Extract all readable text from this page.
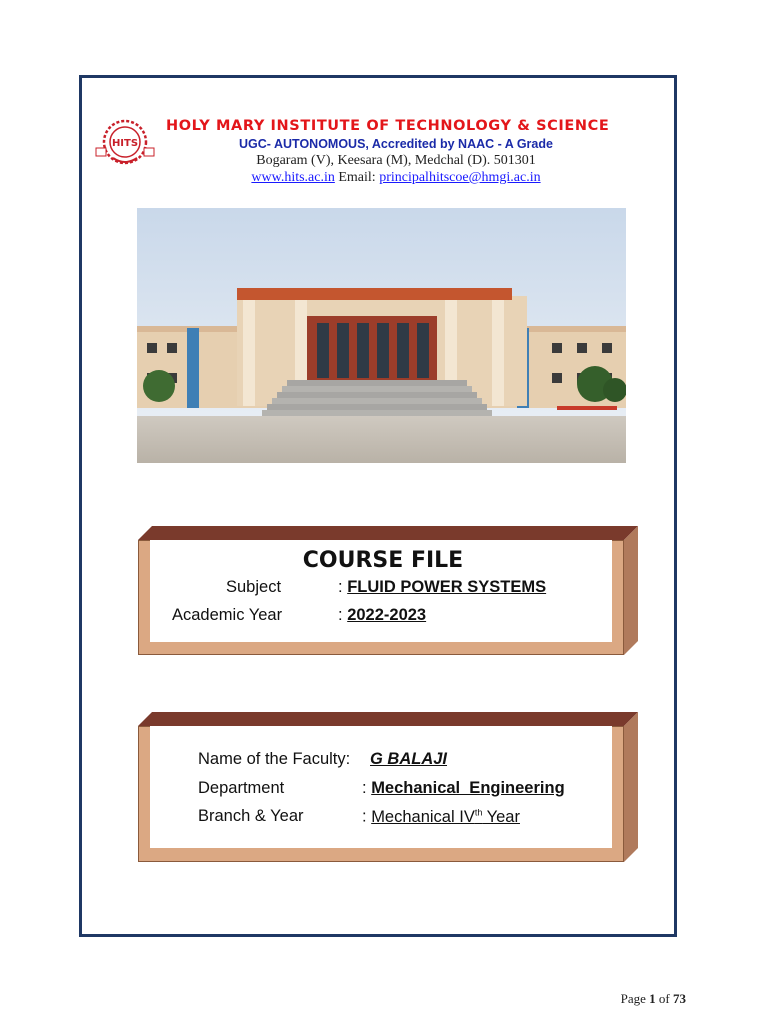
HITS
HOLY MARY INSTITUTE OF TECHNOLOGY & SCIENCE
UGC- AUTONOMOUS, Accredited by NAAC - A Grade
Bogaram (V), Keesara (M), Medchal (D). 501301
www.hits.ac.in Email: principalhitscoe@hmgi.ac.in
COURSE FILE
Subject	: FLUID POWER SYSTEMS
Academic Year	: 2022-2023
Name of the Faculty: G BALAJI
Department	: Mechanical  Engineering
Branch & Year	: Mechanical IVth Year
Page 1 of 73
